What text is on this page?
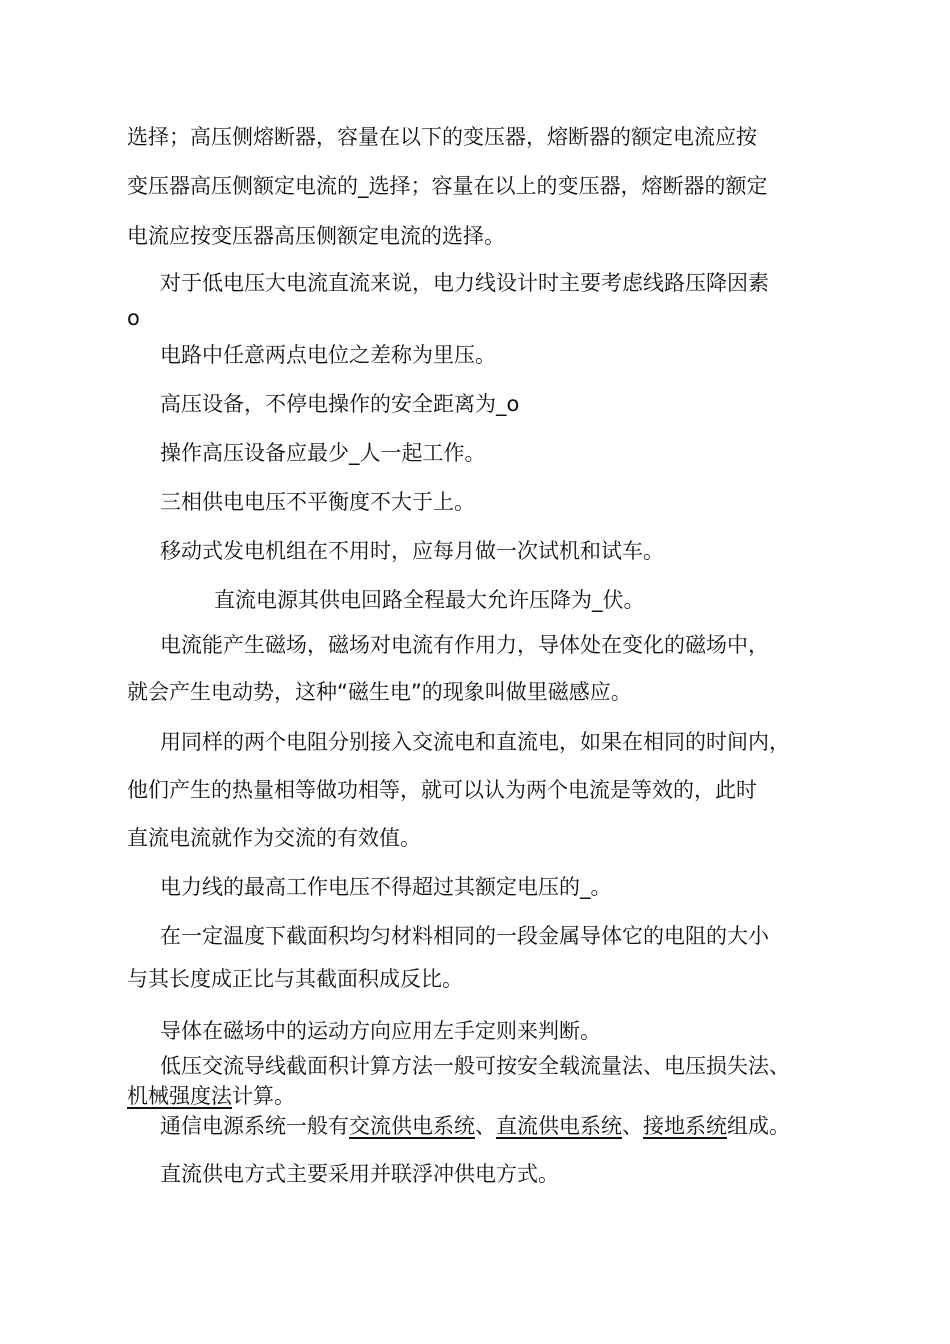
选择；高压侧熔断器，容量在以下的变压器，熔断器的额定电流应按
变压器高压侧额定电流的_选择；容量在以上的变压器，熔断器的额定
电流应按变压器高压侧额定电流的选择。
对于低电压大电流直流来说，电力线设计时主要考虑线路压降因素
o
电路中任意两点电位之差称为里压。
高压设备，不停电操作的安全距离为_o
操作高压设备应最少_人一起工作。
三相供电电压不平衡度不大于上。
移动式发电机组在不用时，应每月做一次试机和试车。
直流电源其供电回路全程最大允许压降为_伏。
电流能产生磁场，磁场对电流有作用力，导体处在变化的磁场中，
就会产生电动势，这种“磁生电”的现象叫做里磁感应。
用同样的两个电阻分别接入交流电和直流电，如果在相同的时间内，
他们产生的热量相等做功相等，就可以认为两个电流是等效的，此时
直流电流就作为交流的有效值。
电力线的最高工作电压不得超过其额定电压的_。
在一定温度下截面积均匀材料相同的一段金属导体它的电阻的大小
与其长度成正比与其截面积成反比。
导体在磁场中的运动方向应用左手定则来判断。
低压交流导线截面积计算方法一般可按安全载流量法、电压损失法、
机械强度法计算。
通信电源系统一般有交流供电系统、直流供电系统、接地系统组成。
直流供电方式主要采用并联浮冲供电方式。
